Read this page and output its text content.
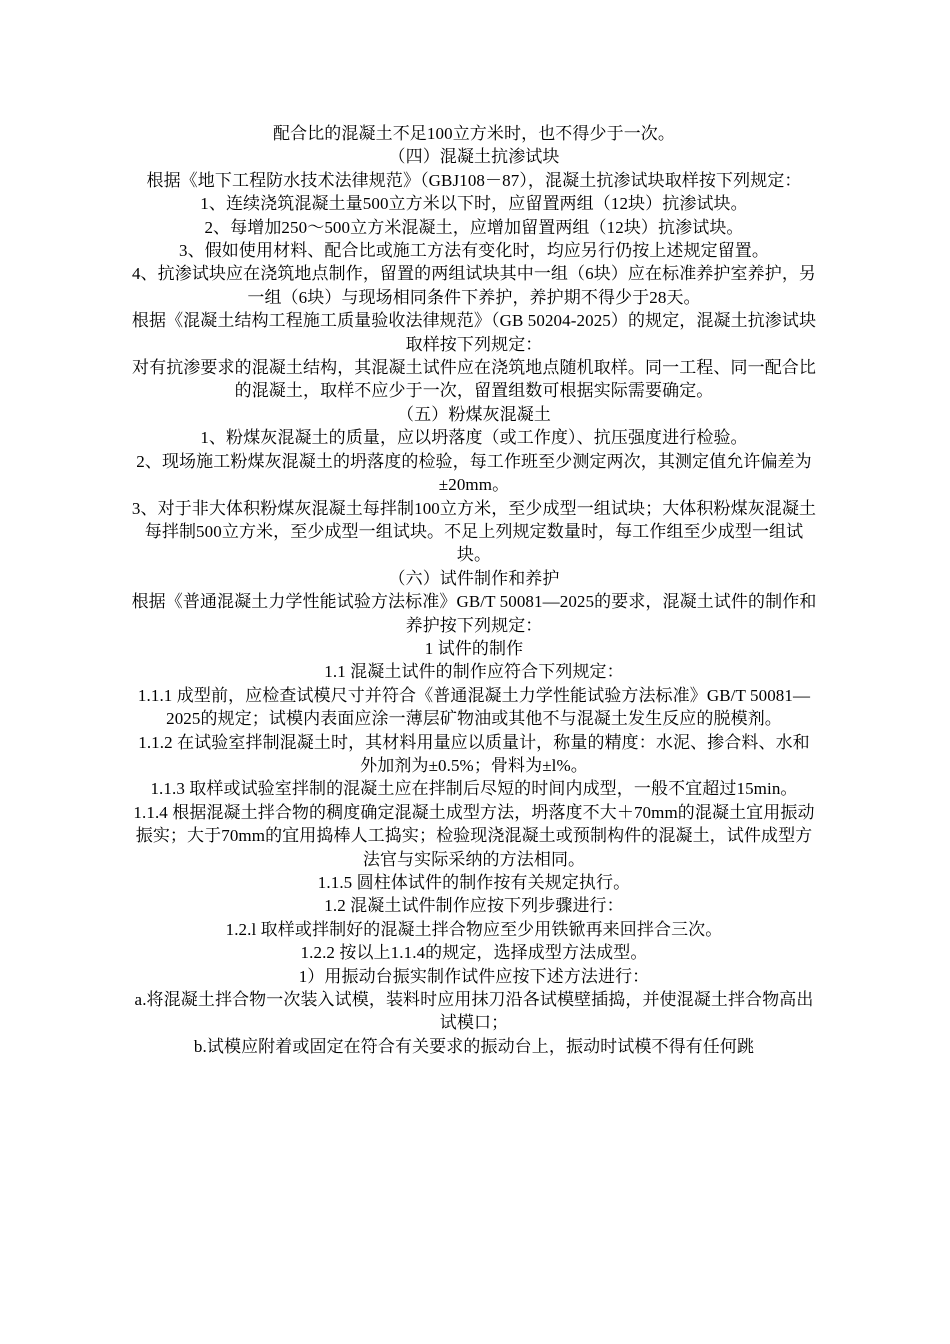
配合比的混凝土不足100立方米时，也不得少于一次。

（四）混凝土抗渗试块

根据《地下工程防水技术法律规范》（GBJ108－87），混凝土抗渗试块取样按下列规定：

1、连续浇筑混凝土量500立方米以下时，应留置两组（12块）抗渗试块。

2、每增加250～500立方米混凝土，应增加留置两组（12块）抗渗试块。

3、假如使用材料、配合比或施工方法有变化时，均应另行仍按上述规定留置。

4、抗渗试块应在浇筑地点制作，留置的两组试块其中一组（6块）应在标准养护室养护，另一组（6块）与现场相同条件下养护，养护期不得少于28天。

根据《混凝土结构工程施工质量验收法律规范》（GB 50204-2025）的规定，混凝土抗渗试块取样按下列规定：

对有抗渗要求的混凝土结构，其混凝土试件应在浇筑地点随机取样。同一工程、同一配合比的混凝土，取样不应少于一次，留置组数可根据实际需要确定。

（五）粉煤灰混凝土

1、粉煤灰混凝土的质量，应以坍落度（或工作度）、抗压强度进行检验。

2、现场施工粉煤灰混凝土的坍落度的检验，每工作班至少测定两次，其测定值允许偏差为±20mm。

3、对于非大体积粉煤灰混凝土每拌制100立方米，至少成型一组试块；大体积粉煤灰混凝土每拌制500立方米，至少成型一组试块。不足上列规定数量时，每工作组至少成型一组试块。

（六）试件制作和养护

根据《普通混凝土力学性能试验方法标准》GB/T 50081—2025的要求，混凝土试件的制作和养护按下列规定：

1 试件的制作

1.1 混凝土试件的制作应符合下列规定：

1.1.1 成型前，应检查试模尺寸并符合《普通混凝土力学性能试验方法标准》GB/T 50081—2025的规定；试模内表面应涂一薄层矿物油或其他不与混凝土发生反应的脱模剂。

1.1.2 在试验室拌制混凝土时，其材料用量应以质量计，称量的精度：水泥、掺合料、水和外加剂为±0.5%；骨料为±l%。

1.1.3 取样或试验室拌制的混凝土应在拌制后尽短的时间内成型，一般不宜超过15min。

1.1.4 根据混凝土拌合物的稠度确定混凝土成型方法，坍落度不大＋70mm的混凝土宜用振动振实；大于70mm的宜用捣棒人工捣实；检验现浇混凝土或预制构件的混凝土，试件成型方法官与实际采纳的方法相同。

1.1.5 圆柱体试件的制作按有关规定执行。

1.2 混凝土试件制作应按下列步骤进行：

1.2.l 取样或拌制好的混凝土拌合物应至少用铁锨再来回拌合三次。

1.2.2 按以上1.1.4的规定，选择成型方法成型。

1）用振动台振实制作试件应按下述方法进行：

a.将混凝土拌合物一次装入试模，装料时应用抹刀沿各试模壁插捣，并使混凝土拌合物高出试模口；

b.试模应附着或固定在符合有关要求的振动台上，振动时试模不得有任何跳
